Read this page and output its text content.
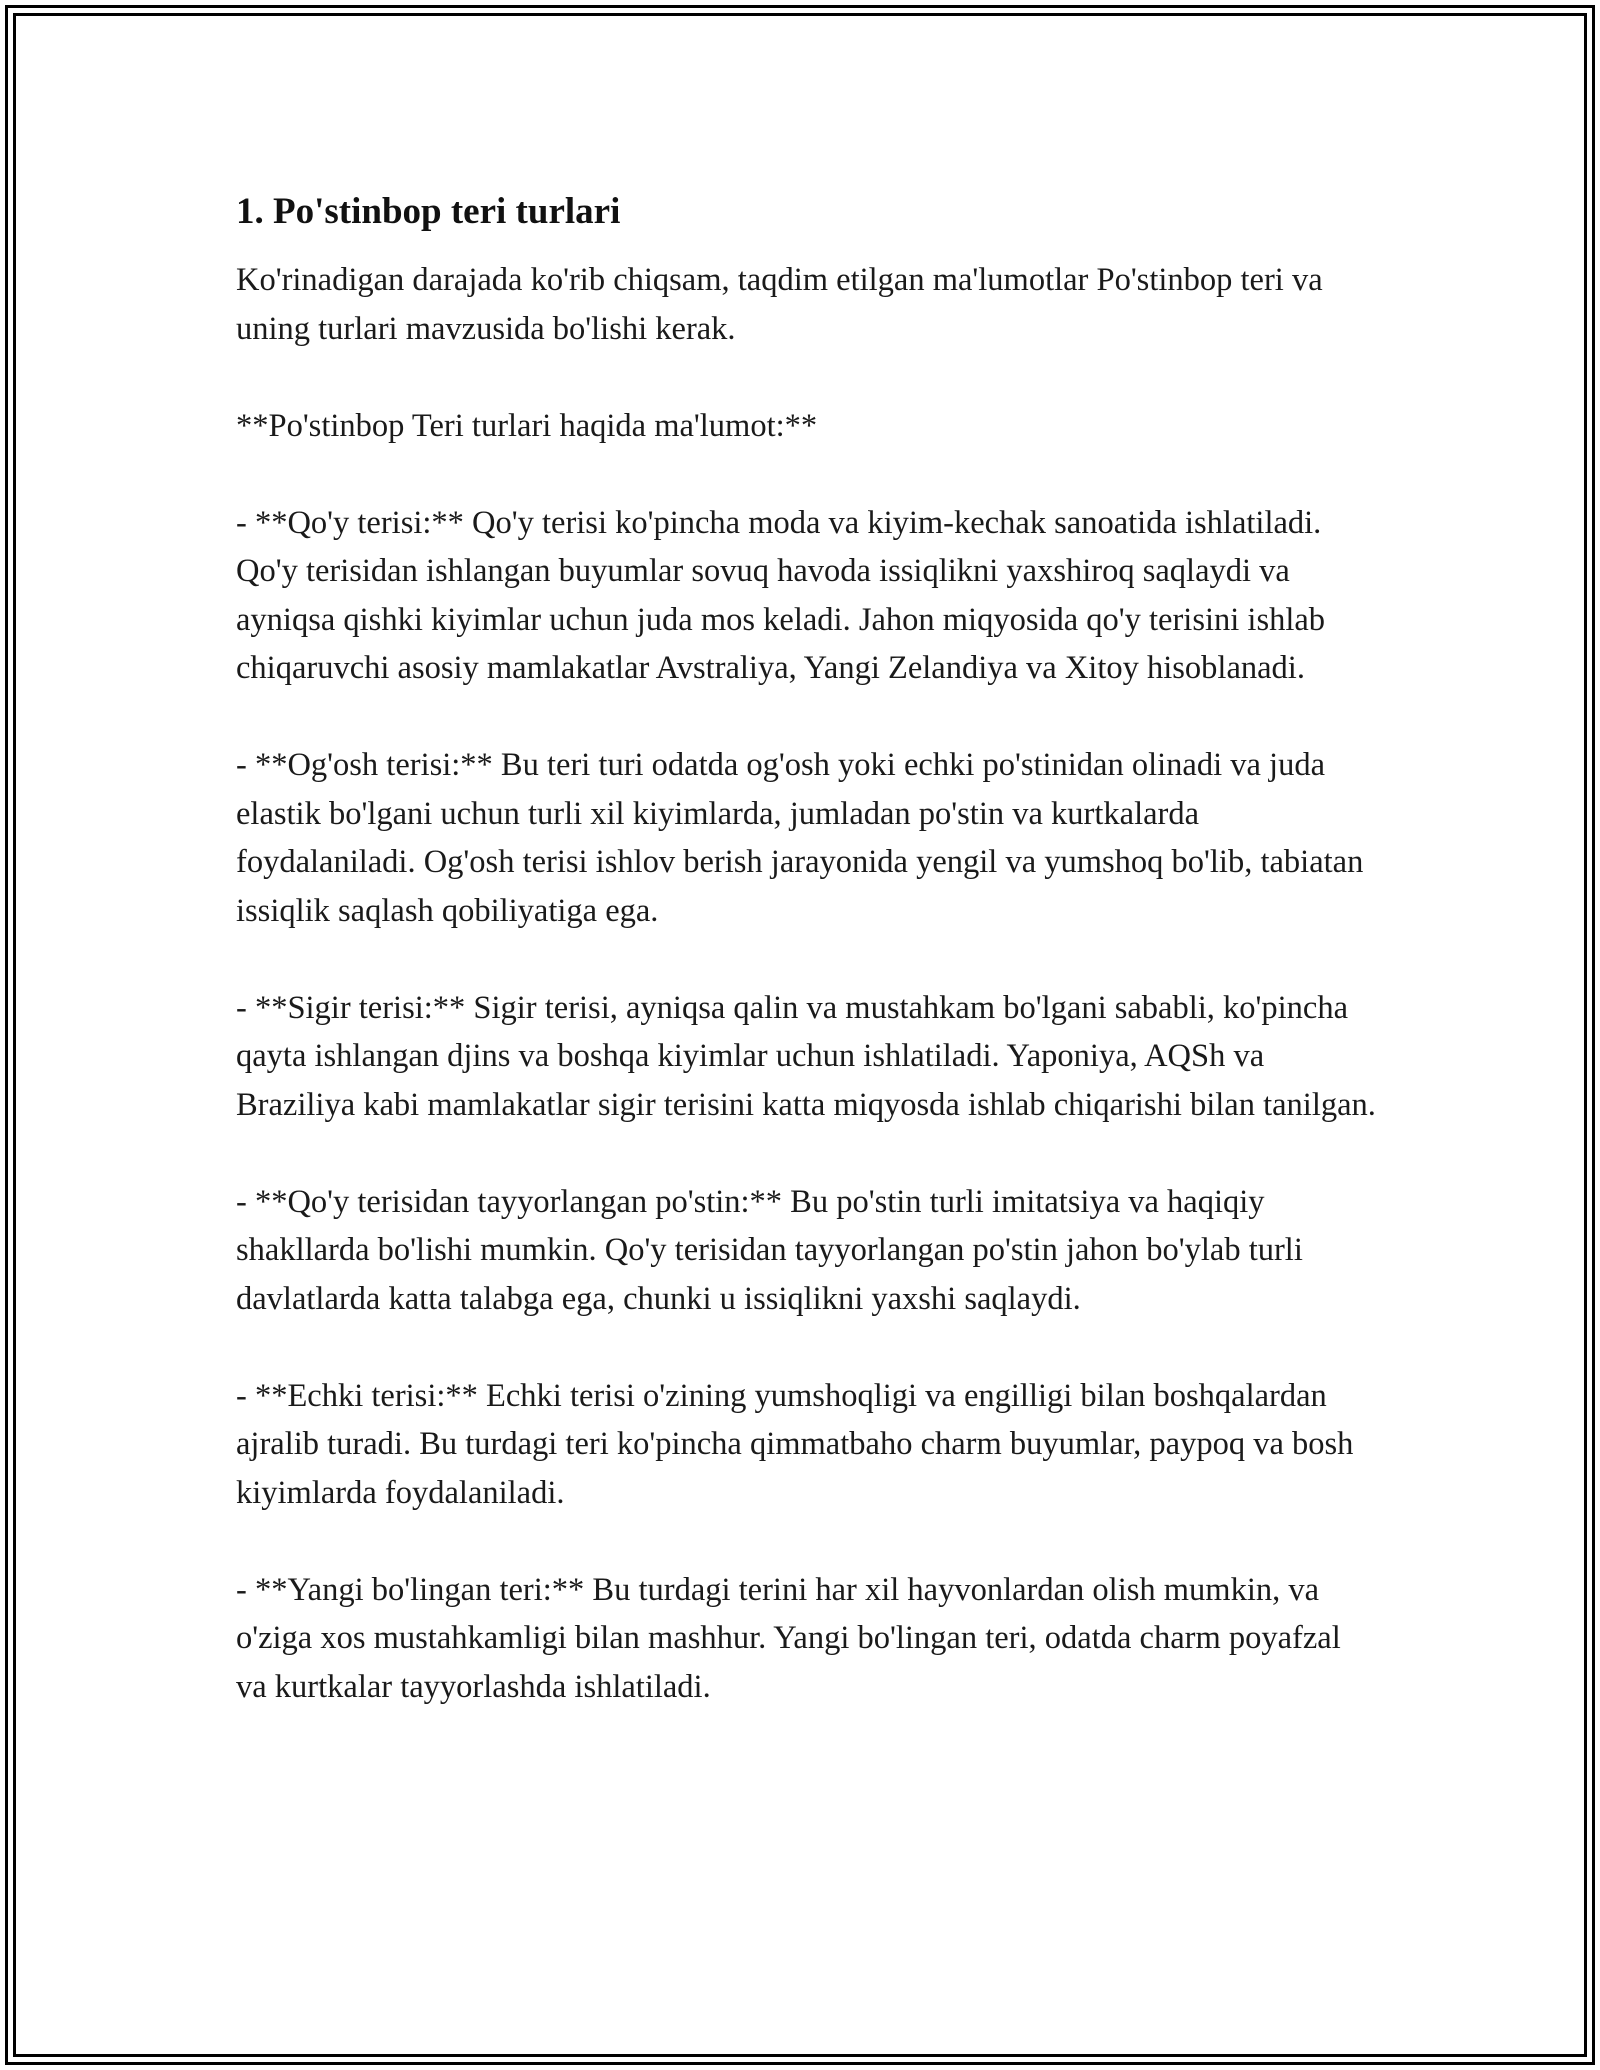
1. Po'stinbop teri turlari

Ko'rinadigan darajada ko'rib chiqsam, taqdim etilgan ma'lumotlar Po'stinbop teri va uning turlari mavzusida bo'lishi kerak.

**Po'stinbop Teri turlari haqida ma'lumot:**

- **Qo'y terisi:** Qo'y terisi ko'pincha moda va kiyim-kechak sanoatida ishlatiladi. Qo'y terisidan ishlangan buyumlar sovuq havoda issiqlikni yaxshiroq saqlaydi va ayniqsa qishki kiyimlar uchun juda mos keladi. Jahon miqyosida qo'y terisini ishlab chiqaruvchi asosiy mamlakatlar Avstraliya, Yangi Zelandiya va Xitoy hisoblanadi.

- **Og'osh terisi:** Bu teri turi odatda og'osh yoki echki po'stinidan olinadi va juda elastik bo'lgani uchun turli xil kiyimlarda, jumladan po'stin va kurtkalarda foydalaniladi. Og'osh terisi ishlov berish jarayonida yengil va yumshoq bo'lib, tabiatan issiqlik saqlash qobiliyatiga ega.

- **Sigir terisi:** Sigir terisi, ayniqsa qalin va mustahkam bo'lgani sababli, ko'pincha qayta ishlangan djins va boshqa kiyimlar uchun ishlatiladi. Yaponiya, AQSh va Braziliya kabi mamlakatlar sigir terisini katta miqyosda ishlab chiqarishi bilan tanilgan.

- **Qo'y terisidan tayyorlangan po'stin:** Bu po'stin turli imitatsiya va haqiqiy shakllarda bo'lishi mumkin. Qo'y terisidan tayyorlangan po'stin jahon bo'ylab turli davlatlarda katta talabga ega, chunki u issiqlikni yaxshi saqlaydi.

- **Echki terisi:** Echki terisi o'zining yumshoqligi va engilligi bilan boshqalardan ajralib turadi. Bu turdagi teri ko'pincha qimmatbaho charm buyumlar, paypoq va bosh kiyimlarda foydalaniladi.

- **Yangi bo'lingan teri:** Bu turdagi terini har xil hayvonlardan olish mumkin, va o'ziga xos mustahkamligi bilan mashhur. Yangi bo'lingan teri, odatda charm poyafzal va kurtkalar tayyorlashda ishlatiladi.
